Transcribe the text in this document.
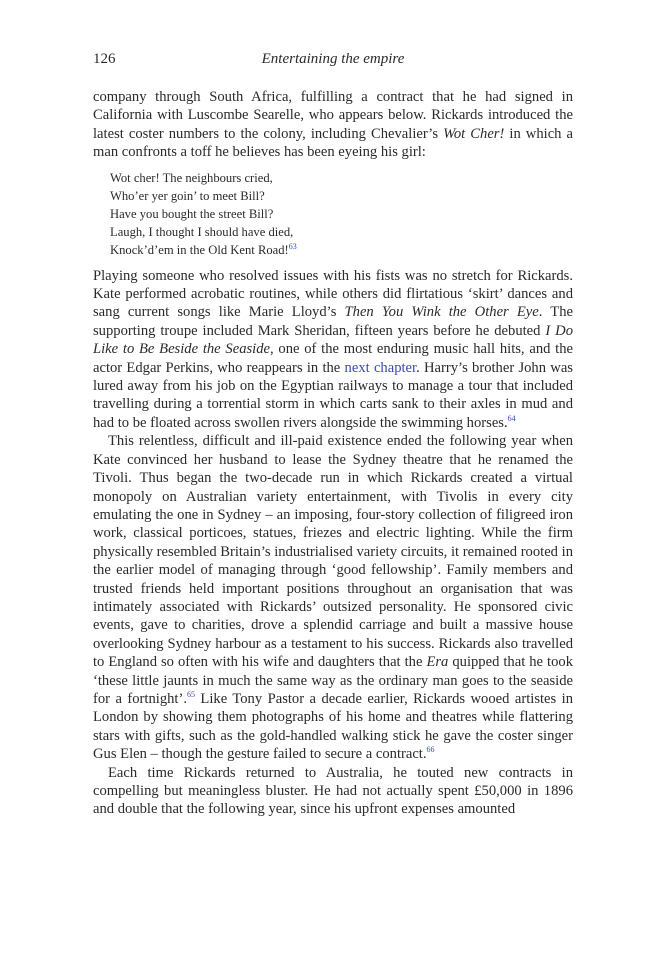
126	Entertaining the empire

company through South Africa, fulfilling a contract that he had signed in California with Luscombe Searelle, who appears below. Rickards introduced the latest coster numbers to the colony, including Chevalier’s Wot Cher! in which a man confronts a toff he believes has been eyeing his girl:

Wot cher! The neighbours cried,
Who’er yer goin’ to meet Bill?
Have you bought the street Bill?
Laugh, I thought I should have died,
Knock’d’em in the Old Kent Road!$^{63}$

Playing someone who resolved issues with his fists was no stretch for Rickards. Kate performed acrobatic routines, while others did flirtatious ‘skirt’ dances and sang current songs like Marie Lloyd’s Then You Wink the Other Eye. The supporting troupe included Mark Sheridan, fifteen years before he debuted I Do Like to Be Beside the Seaside, one of the most enduring music hall hits, and the actor Edgar Perkins, who reappears in the next chapter. Harry’s brother John was lured away from his job on the Egyptian railways to manage a tour that included travelling during a torrential storm in which carts sank to their axles in mud and had to be floated across swollen rivers alongside the swimming horses.$^{64}$

This relentless, difficult and ill-paid existence ended the following year when Kate convinced her husband to lease the Sydney theatre that he renamed the Tivoli. Thus began the two-decade run in which Rickards created a virtual monopoly on Australian variety entertainment, with Tivolis in every city emulating the one in Sydney – an imposing, four-story collection of filigreed iron work, classical porticoes, statues, friezes and electric lighting. While the firm physically resembled Britain’s industrialised variety circuits, it remained rooted in the earlier model of managing through ‘good fellowship’. Family members and trusted friends held important positions throughout an organisation that was intimately associated with Rickards’ outsized personality. He sponsored civic events, gave to charities, drove a splendid carriage and built a massive house overlooking Sydney harbour as a testament to his success. Rickards also travelled to England so often with his wife and daughters that the Era quipped that he took ‘these little jaunts in much the same way as the ordinary man goes to the seaside for a fortnight’.$^{65}$ Like Tony Pastor a decade earlier, Rickards wooed artistes in London by showing them photographs of his home and theatres while flattering stars with gifts, such as the gold-handled walking stick he gave the coster singer Gus Elen – though the gesture failed to secure a contract.$^{66}$

Each time Rickards returned to Australia, he touted new contracts in compelling but meaningless bluster. He had not actually spent £50,000 in 1896 and double that the following year, since his upfront expenses amounted
